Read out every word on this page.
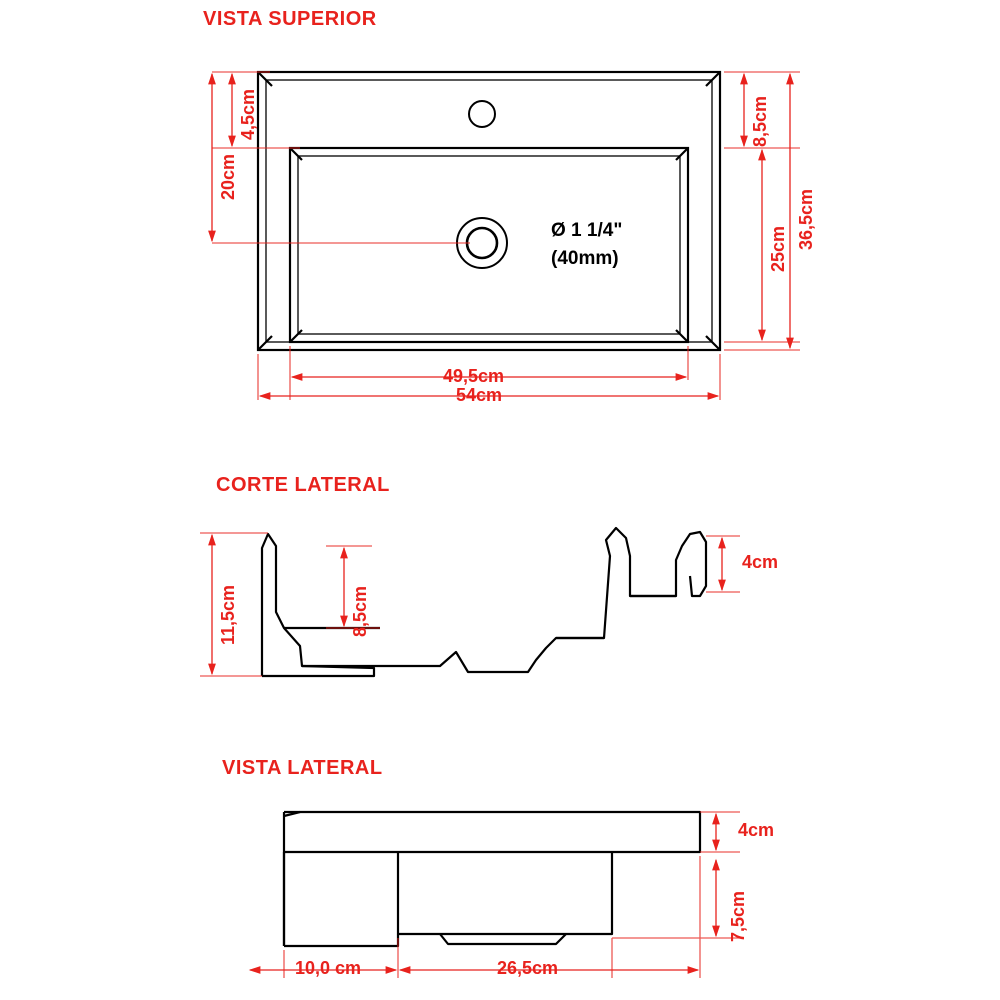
VISTA SUPERIOR
CORTE LATERAL
VISTA LATERAL
4,5cm
20cm
8,5cm
25cm 36,5cm
49,5cm
54cm
Ø 1 1/4"
(40mm)
11,5cm	8,5cm
4cm
4cm
7,5cm
10,0 cm	26,5cm
